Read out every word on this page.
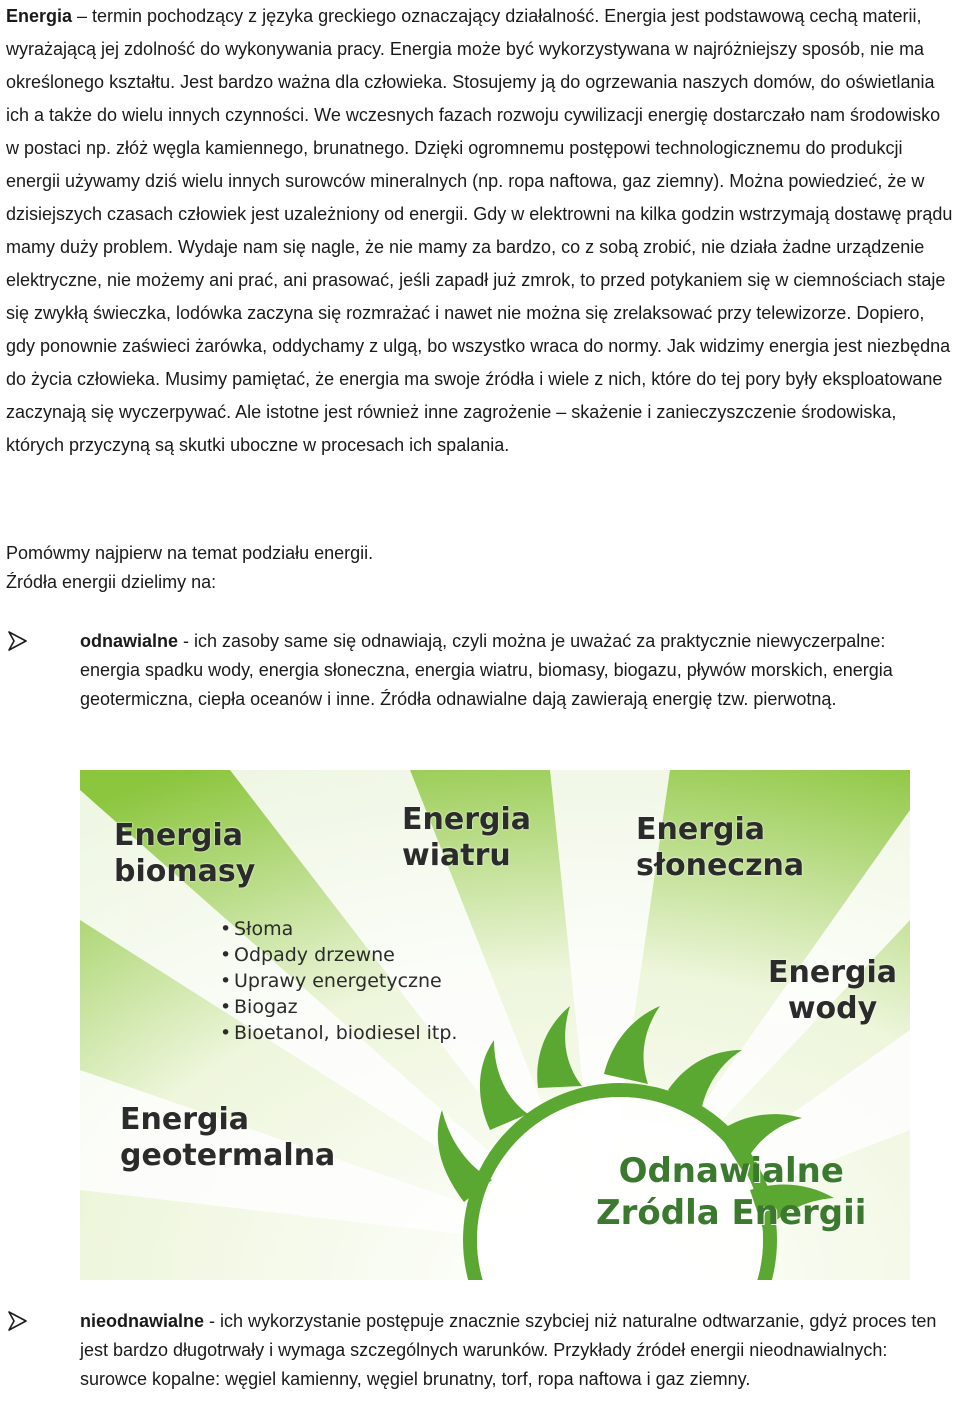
Energia – termin pochodzący z języka greckiego oznaczający działalność. Energia jest podstawową cechą materii, wyrażającą jej zdolność do wykonywania pracy. Energia może być wykorzystywana w najróżniejszy sposób, nie ma określonego kształtu. Jest bardzo ważna dla człowieka. Stosujemy ją do ogrzewania naszych domów, do oświetlania ich a także do wielu innych czynności. We wczesnych fazach rozwoju cywilizacji energię dostarczało nam środowisko w postaci np. złóż węgla kamiennego, brunatnego. Dzięki ogromnemu postępowi technologicznemu do produkcji energii używamy dziś wielu innych surowców mineralnych (np. ropa naftowa, gaz ziemny). Można powiedzieć, że w dzisiejszych czasach człowiek jest uzależniony od energii. Gdy w elektrowni na kilka godzin wstrzymają dostawę prądu mamy duży problem. Wydaje nam się nagle, że nie mamy za bardzo, co z sobą zrobić, nie działa żadne urządzenie elektryczne, nie możemy ani prać, ani prasować, jeśli zapadł już zmrok, to przed potykaniem się w ciemnościach staje się zwykłą świeczka, lodówka zaczyna się rozmrażać i nawet nie można się zrelaksować przy telewizorze. Dopiero, gdy ponownie zaświeci żarówka, oddychamy z ulgą, bo wszystko wraca do normy. Jak widzimy energia jest niezbędna do życia człowieka. Musimy pamiętać, że energia ma swoje źródła i wiele z nich, które do tej pory były eksploatowane zaczynają się wyczerpywać. Ale istotne jest również inne zagrożenie – skażenie i zanieczyszczenie środowiska, których przyczyną są skutki uboczne w procesach ich spalania.

Pomówmy najpierw na temat podziału energii.

Źródła energii dzielimy na:

odnawialne - ich zasoby same się odnawiają, czyli można je uważać za praktycznie niewyczerpalne: energia spadku wody, energia słoneczna, energia wiatru, biomasy, biogazu, pływów morskich, energia geotermiczna, ciepła oceanów i inne. Źródła odnawialne dają zawierają energię tzw. pierwotną.

Energia
biomasy

• Słoma
• Odpady drzewne
• Uprawy energetyczne
• Biogaz
• Bioetanol, biodiesel itp.

Energia
wiatru

Energia
słoneczna

Energia
wody

Energia
geotermalna	Odnawialne
Zródla Energii

nieodnawialne - ich wykorzystanie postępuje znacznie szybciej niż naturalne odtwarzanie, gdyż proces ten jest bardzo długotrwały i wymaga szczególnych warunków. Przykłady źródeł energii nieodnawialnych: surowce kopalne: węgiel kamienny, węgiel brunatny, torf, ropa naftowa i gaz ziemny.
